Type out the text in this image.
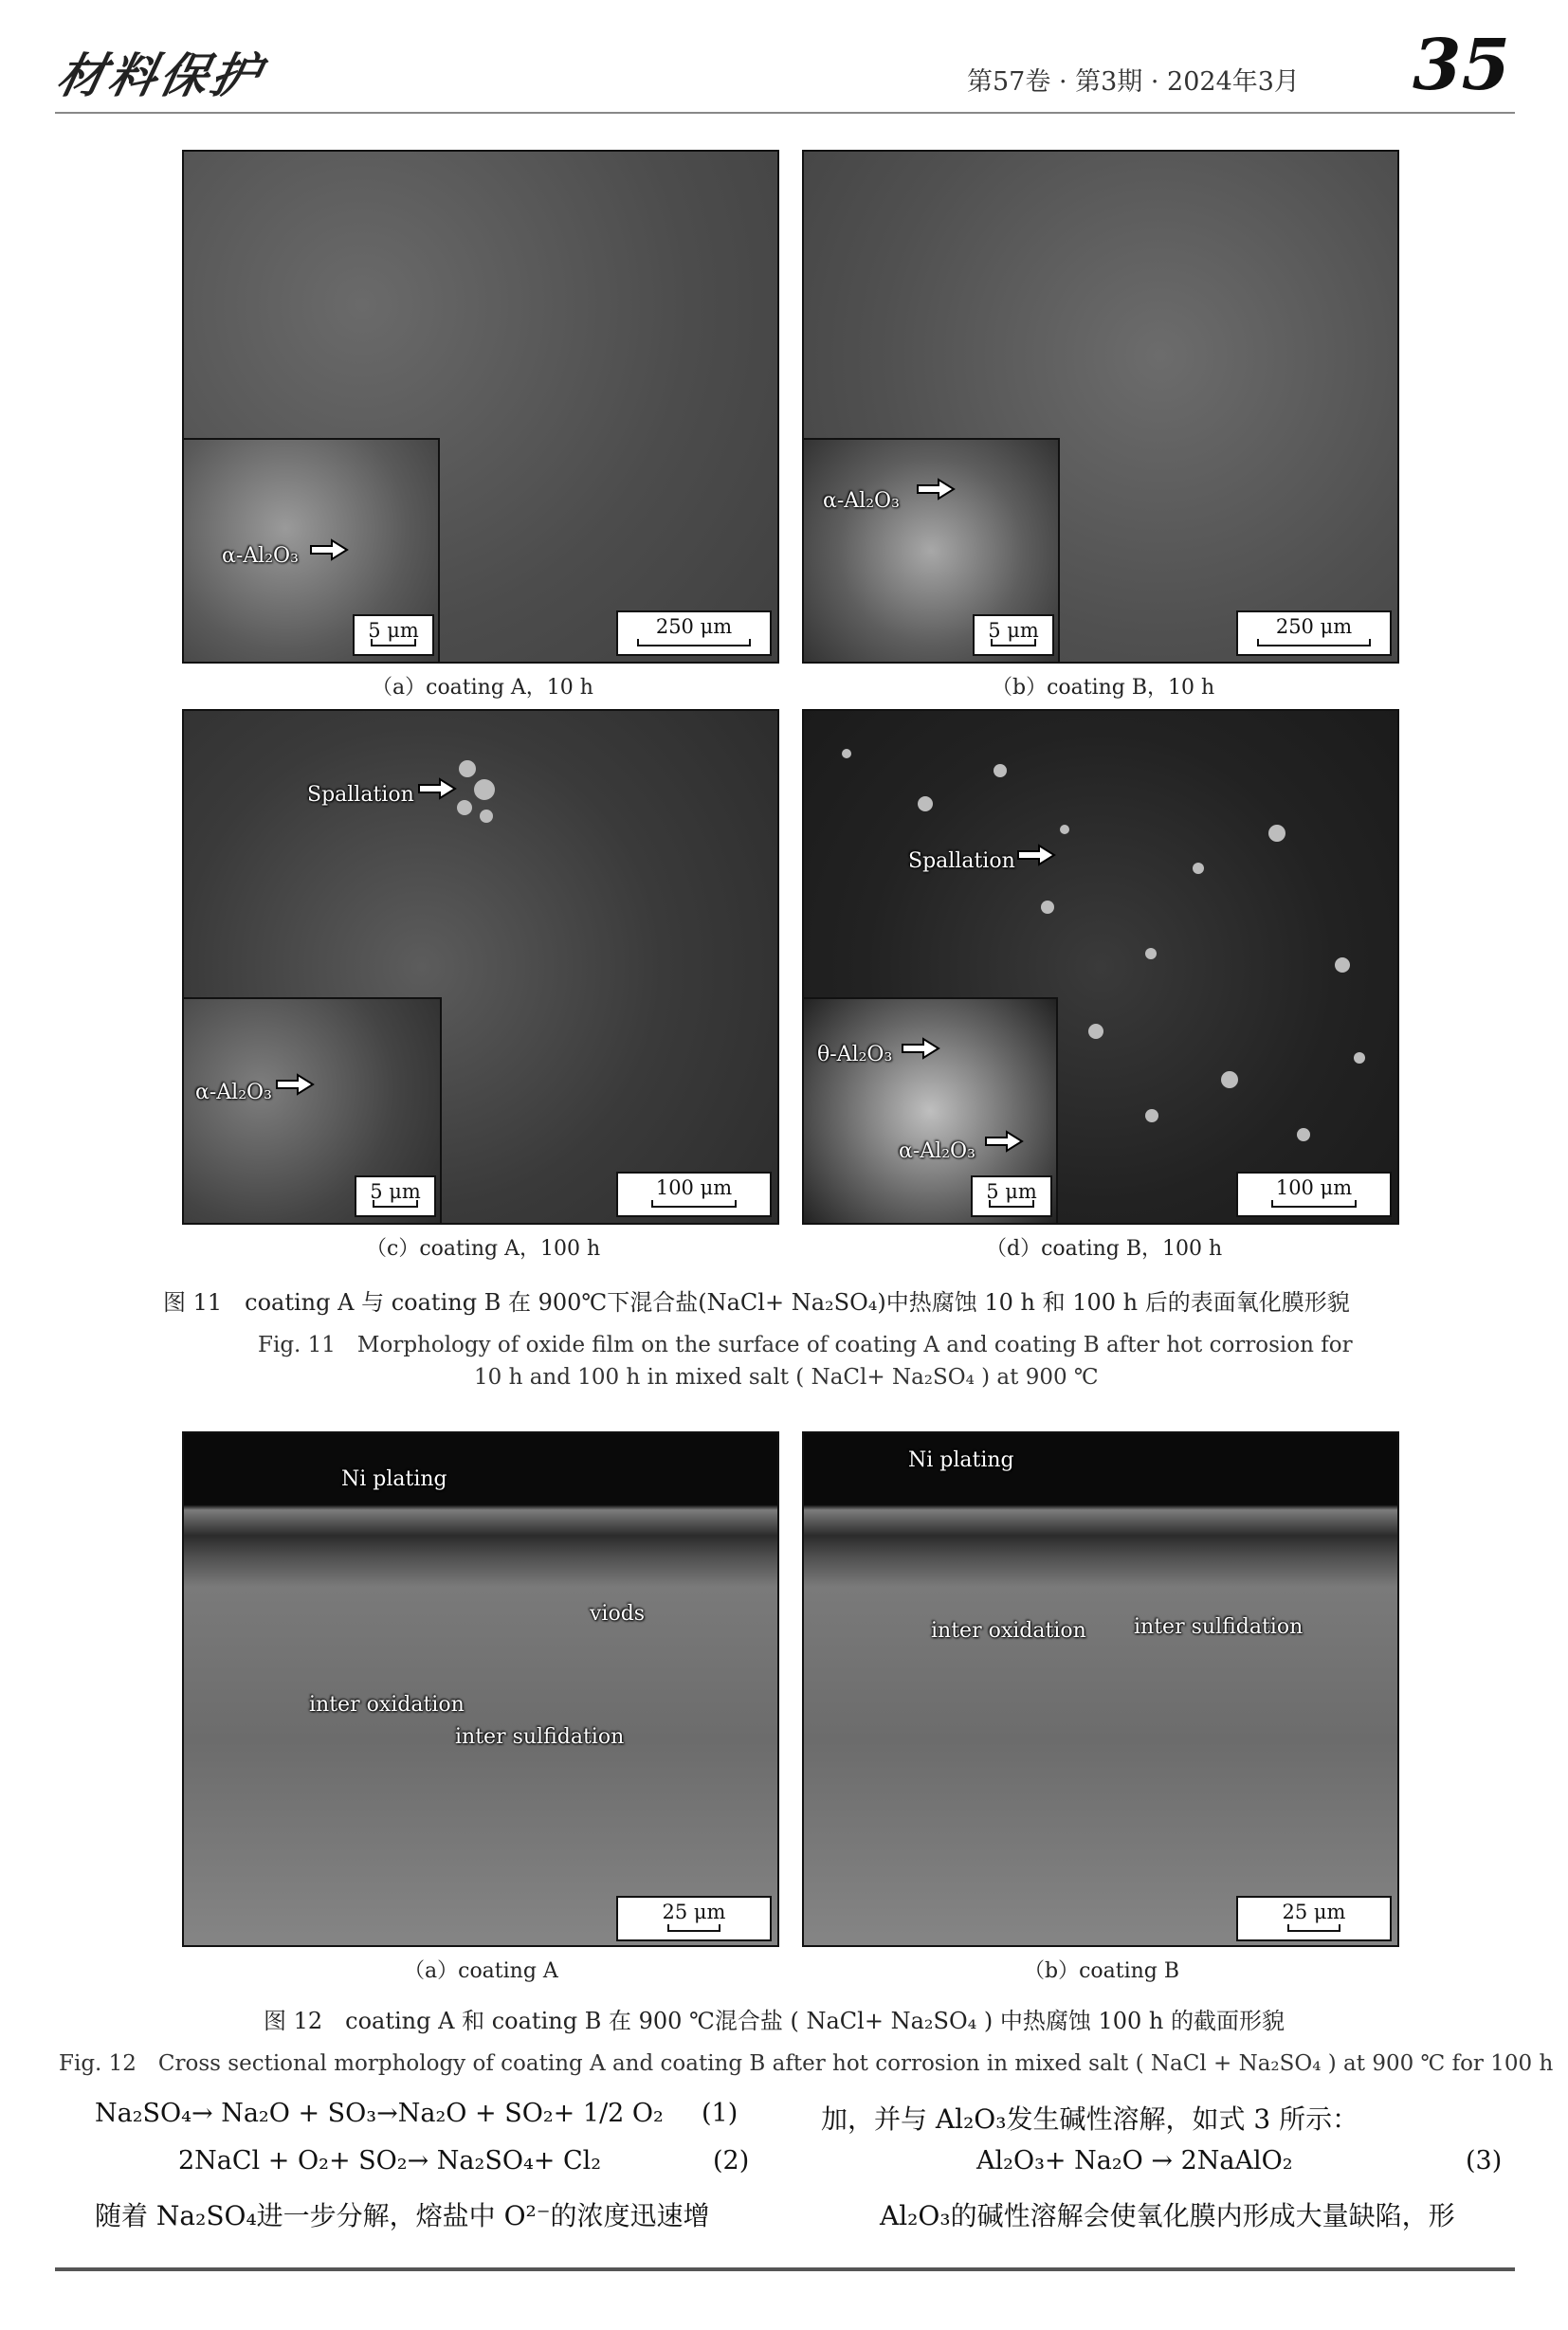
材料保护	第57卷 · 第3期 · 2024年3月 35
α-Al₂O₃
5 μm	250 μm
（a）coating A，10 h
α-Al₂O₃
5 μm	250 μm
（b）coating B，10 h
Spallation
α-Al₂O₃
5 μm	100 μm
（c）coating A，100 h
Spallation
θ-Al₂O₃
α-Al₂O₃
5 μm	100 μm
（d）coating B，100 h
图 11　coating A 与 coating B 在 900℃下混合盐(NaCl+ Na₂SO₄)中热腐蚀 10 h 和 100 h 后的表面氧化膜形貌
Fig. 11　Morphology of oxide film on the surface of coating A and coating B after hot corrosion for
10 h and 100 h in mixed salt ( NaCl+ Na₂SO₄ ) at 900 ℃
Ni plating
viods
inter oxidation
inter sulfidation
25 μm
（a）coating A
Ni plating
inter oxidation inter sulfidation
25 μm
（b）coating B
图 12　coating A 和 coating B 在 900 ℃混合盐 ( NaCl+ Na₂SO₄ ) 中热腐蚀 100 h 的截面形貌
Fig. 12　Cross sectional morphology of coating A and coating B after hot corrosion in mixed salt ( NaCl + Na₂SO₄ ) at 900 ℃ for 100 h
Na₂SO₄→ Na₂O + SO₃→Na₂O + SO₂+ 1/2 O₂ (1)
2NaCl + O₂+ SO₂→ Na₂SO₄+ Cl₂	(2)
随着 Na₂SO₄进一步分解，熔盐中 O²⁻的浓度迅速增
加，并与 Al₂O₃发生碱性溶解，如式 3 所示：
Al₂O₃+ Na₂O → 2NaAlO₂	(3)
Al₂O₃的碱性溶解会使氧化膜内形成大量缺陷，形
